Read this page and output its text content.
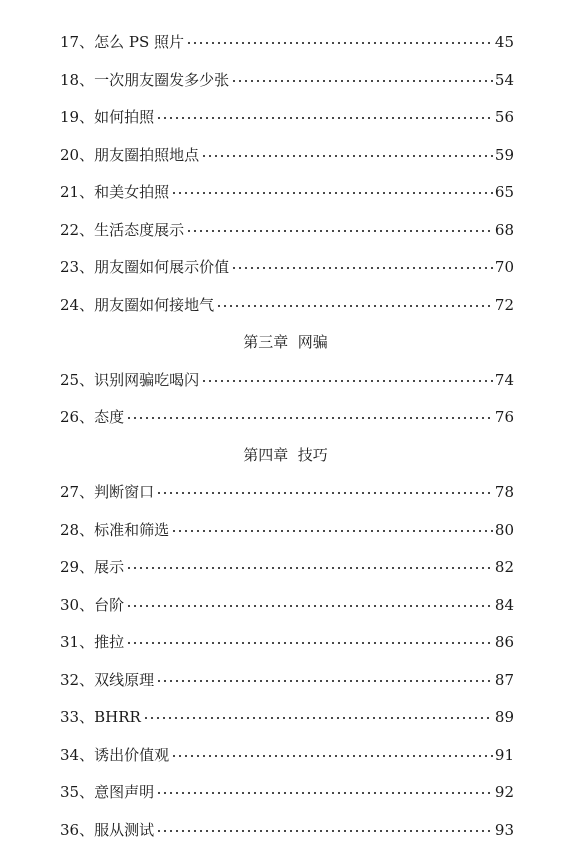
17、 怎么 PS 照片	45
18、 一次朋友圈发多少张	54
19、 如何拍照	56
20、 朋友圈拍照地点	59
21、 和美女拍照	65
22、 生活态度展示	68
23、 朋友圈如何展示价值	70
24、 朋友圈如何接地气	72
第三章  网骗
25、 识别网骗吃喝闪	74
26、 态度	76
第四章  技巧
27、 判断窗口	78
28、 标准和筛选	80
29、 展示	82
30、 台阶	84
31、 推拉	86
32、 双线原理	87
33、 BHRR	89
34、 诱出价值观	91
35、 意图声明	92
36、 服从测试	93
